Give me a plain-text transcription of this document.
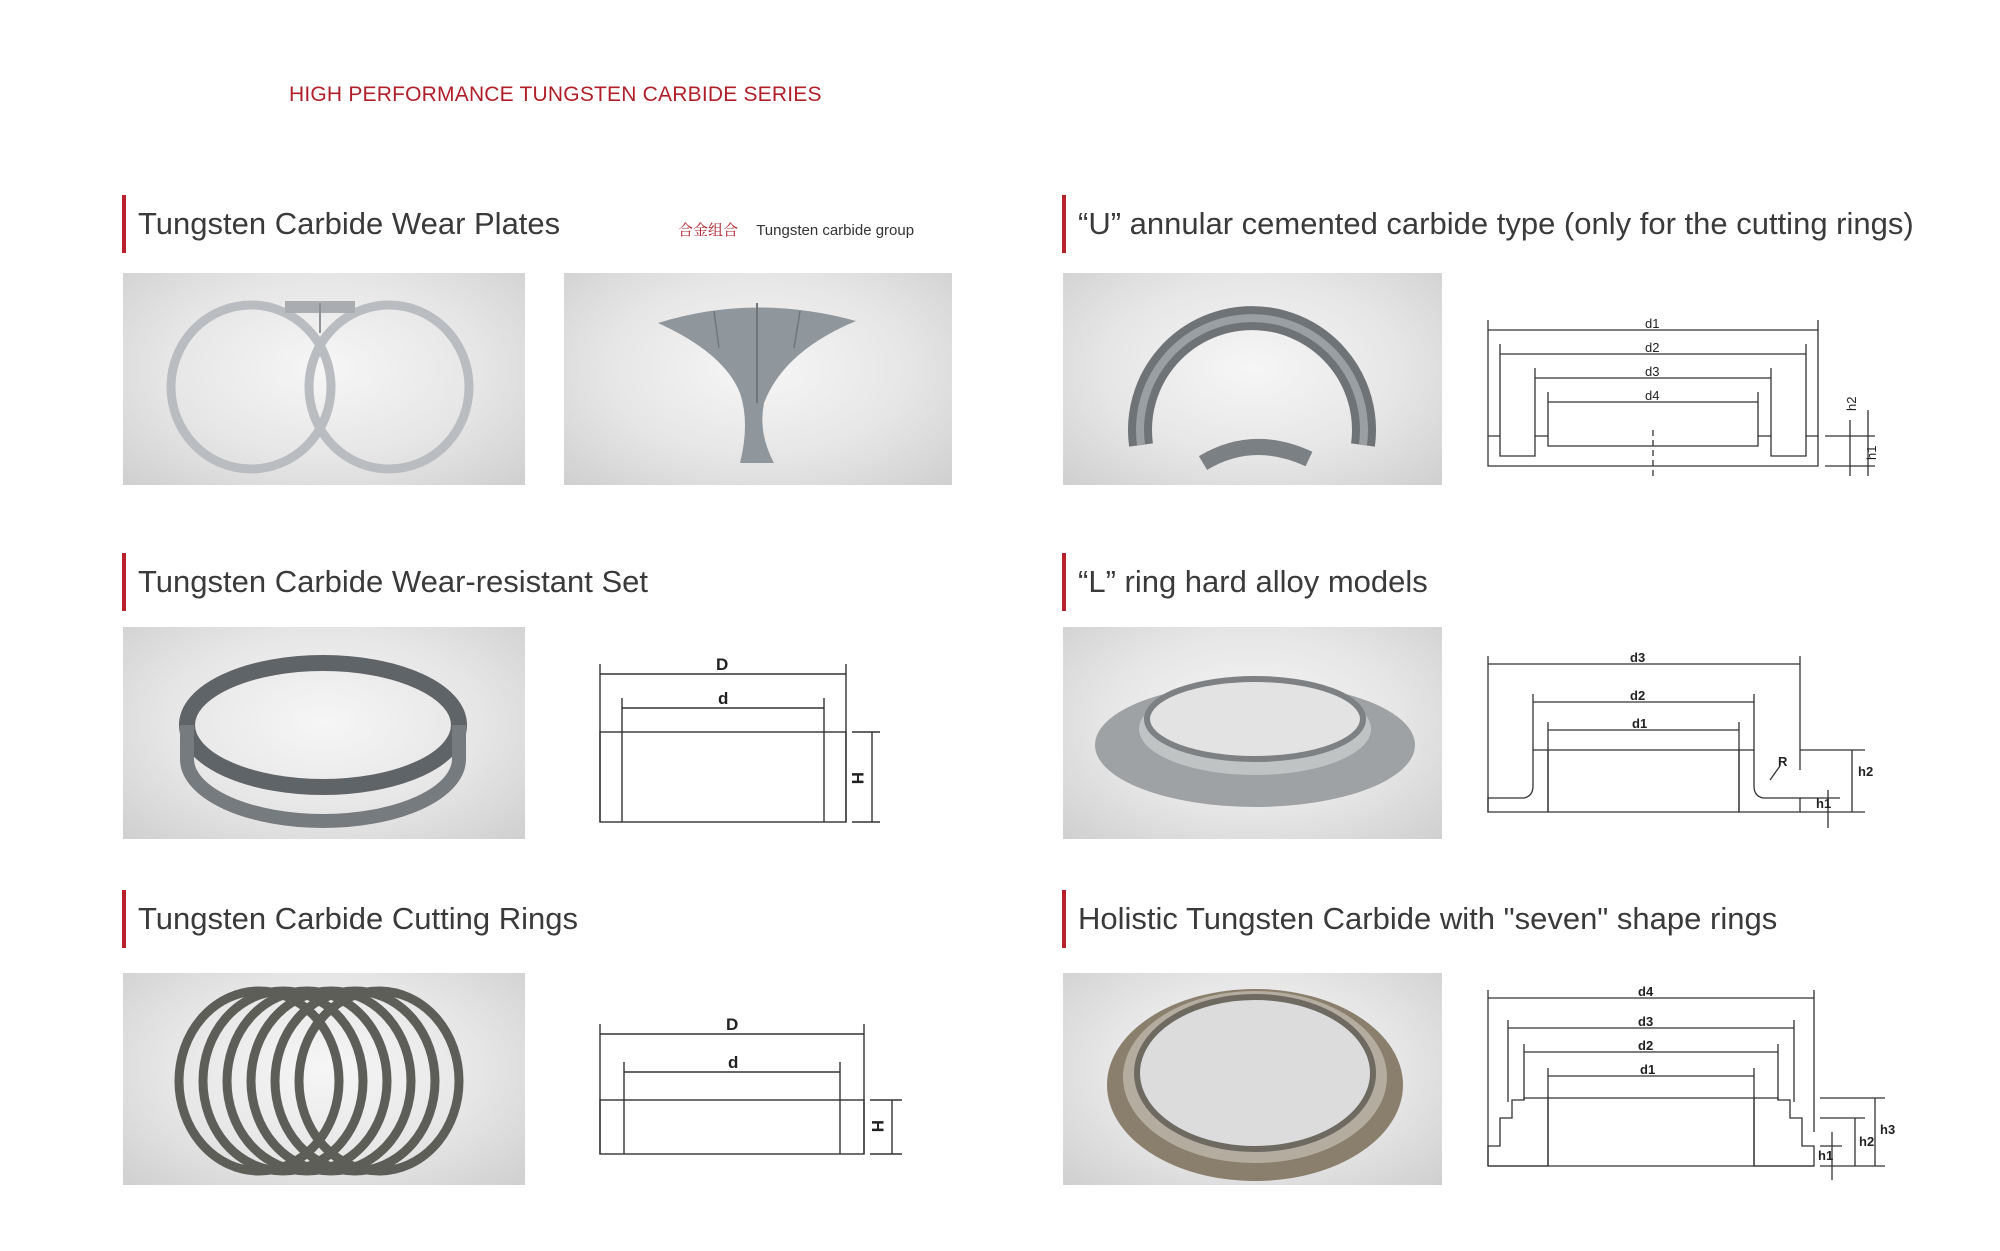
HIGH PERFORMANCE TUNGSTEN CARBIDE SERIES
Tungsten Carbide Wear Plates	合金组合 Tungsten carbide group	“U” annular cemented carbide type (only for the cutting rings)
d1
d2
d3
d4
h2
h1
Tungsten Carbide Wear-resistant Set
D
d
H
“L” ring hard alloy models
d3
d2
d1
R
h2
h1
Tungsten Carbide Cutting Rings
D
d
H
Holistic Tungsten Carbide with "seven" shape rings
d4
d3
d2
d1
h3
h2
h1
